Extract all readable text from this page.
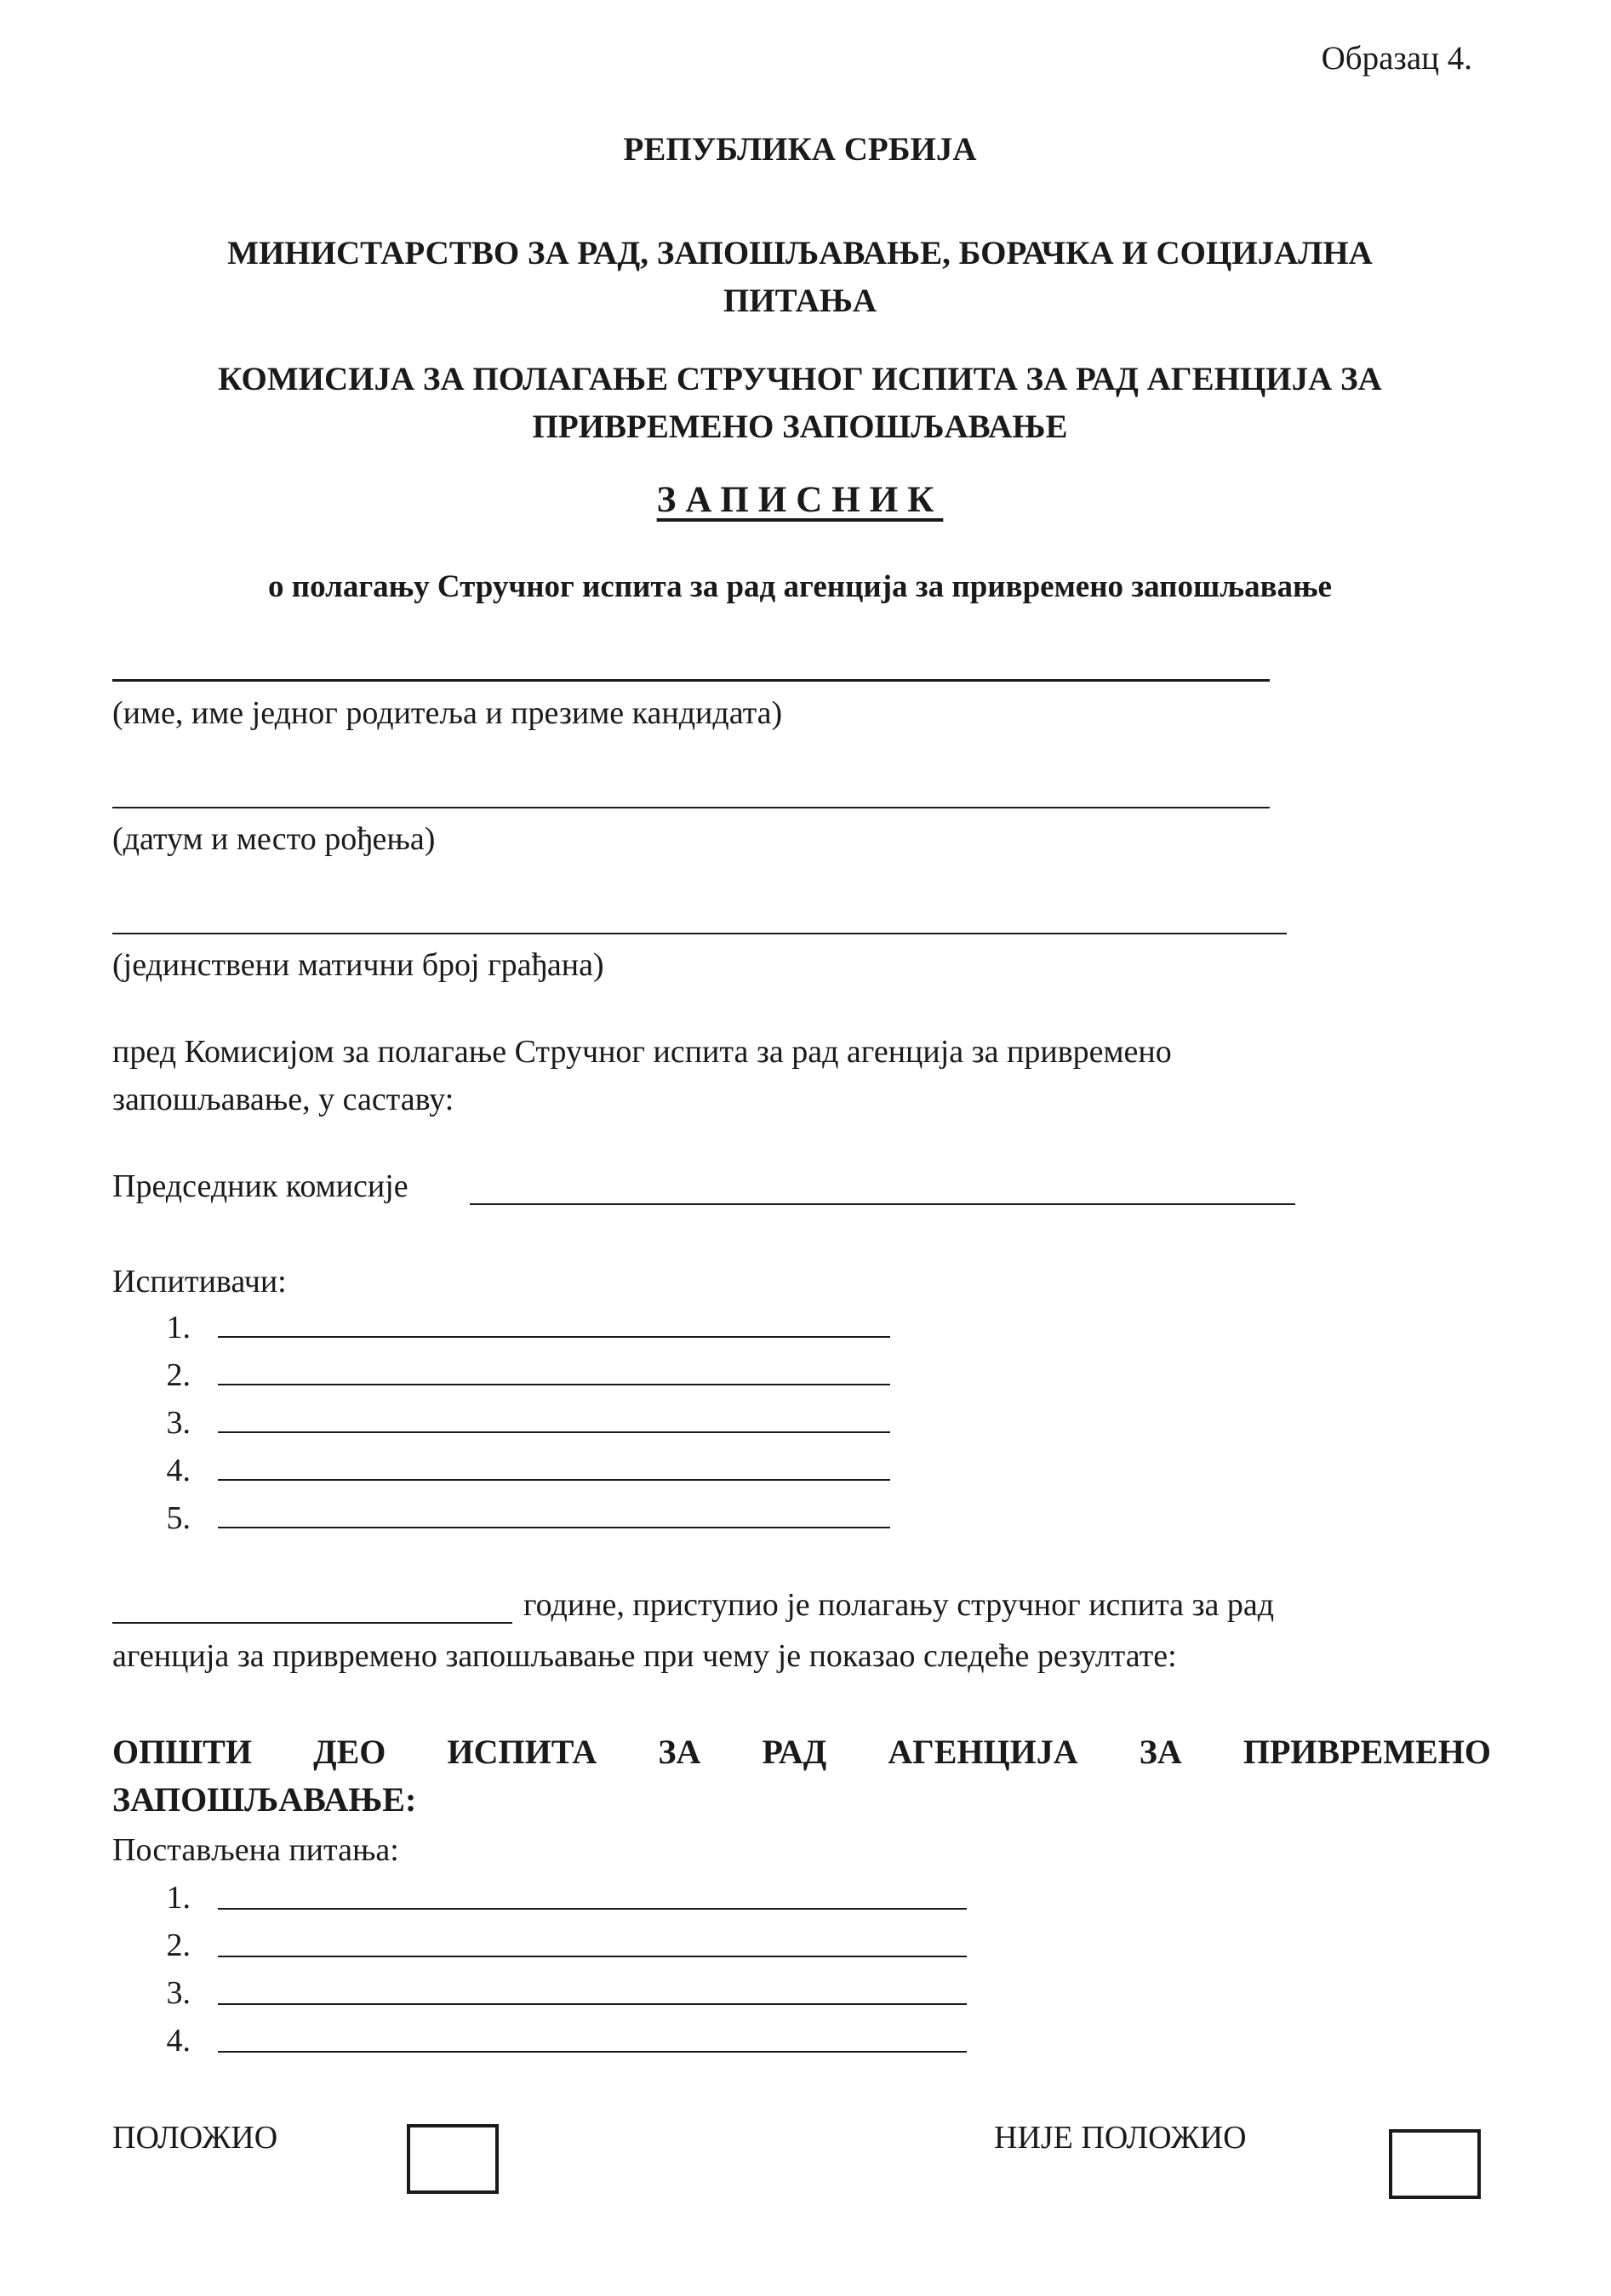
Образац 4.
РЕПУБЛИКА СРБИЈА
МИНИСТАРСТВО ЗА РАД, ЗАПОШЉАВАЊЕ, БОРАЧКА И СОЦИЈАЛНА ПИТАЊА
КОМИСИЈА ЗА ПОЛАГАЊЕ СТРУЧНОГ ИСПИТА ЗА РАД АГЕНЦИЈА ЗА ПРИВРЕМЕНО ЗАПОШЉАВАЊЕ
ЗАПИСНИК
о полагању Стручног испита за рад агенција за привремено запошљавање
(име, име једног родитеља и презиме кандидата)
(датум и место рођења)
(јединствени матични број грађана)
пред Комисијом за полагање Стручног испита за рад агенција за привремено запошљавање, у саставу:
Председник комисије
Испитивачи:
1.
2.
3.
4.
5.
године, приступио је полагању стручног испита за рад
агенција за привремено запошљавање при чему је показао следеће резултате:
ОПШТИ ДЕО ИСПИТА ЗА РАД АГЕНЦИЈА ЗА ПРИВРЕМЕНО
ЗАПОШЉАВАЊЕ:
Постављена питања:
1.
2.
3.
4.
ПОЛОЖИО	НИЈЕ ПОЛОЖИО
